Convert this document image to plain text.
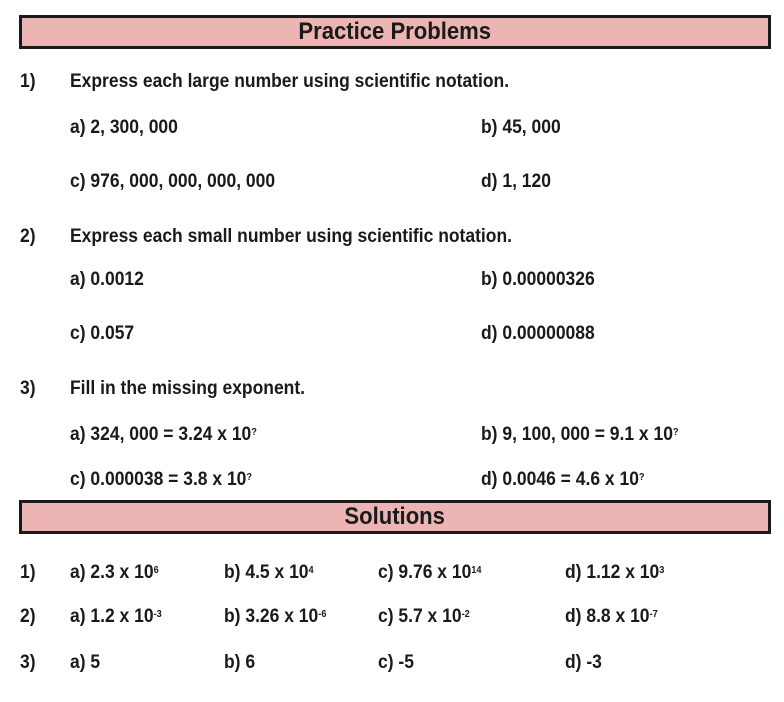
Practice Problems
1) Express each large number using scientific notation.
a) 2, 300, 000	b) 45, 000
c) 976, 000, 000, 000, 000	d) 1, 120
2) Express each small number using scientific notation.
a) 0.0012	b) 0.00000326
c) 0.057	d) 0.00000088
3) Fill in the missing exponent.
a) 324, 000 = 3.24 x 10?	b) 9, 100, 000 = 9.1 x 10?
c) 0.000038 = 3.8 x 10?	d) 0.0046 = 4.6 x 10?
Solutions
1) a) 2.3 x $10^6$	b) 4.5 x $10^4$	c) 9.76 x $10^{14}$	d) 1.12 x $10^3$
2) a) 1.2 x $10^{-3}$	b) 3.26 x $10^{-6}$	c) 5.7 x $10^{-2}$	d) 8.8 x $10^{-7}$
3) a) 5	b) 6	c) -5	d) -3
